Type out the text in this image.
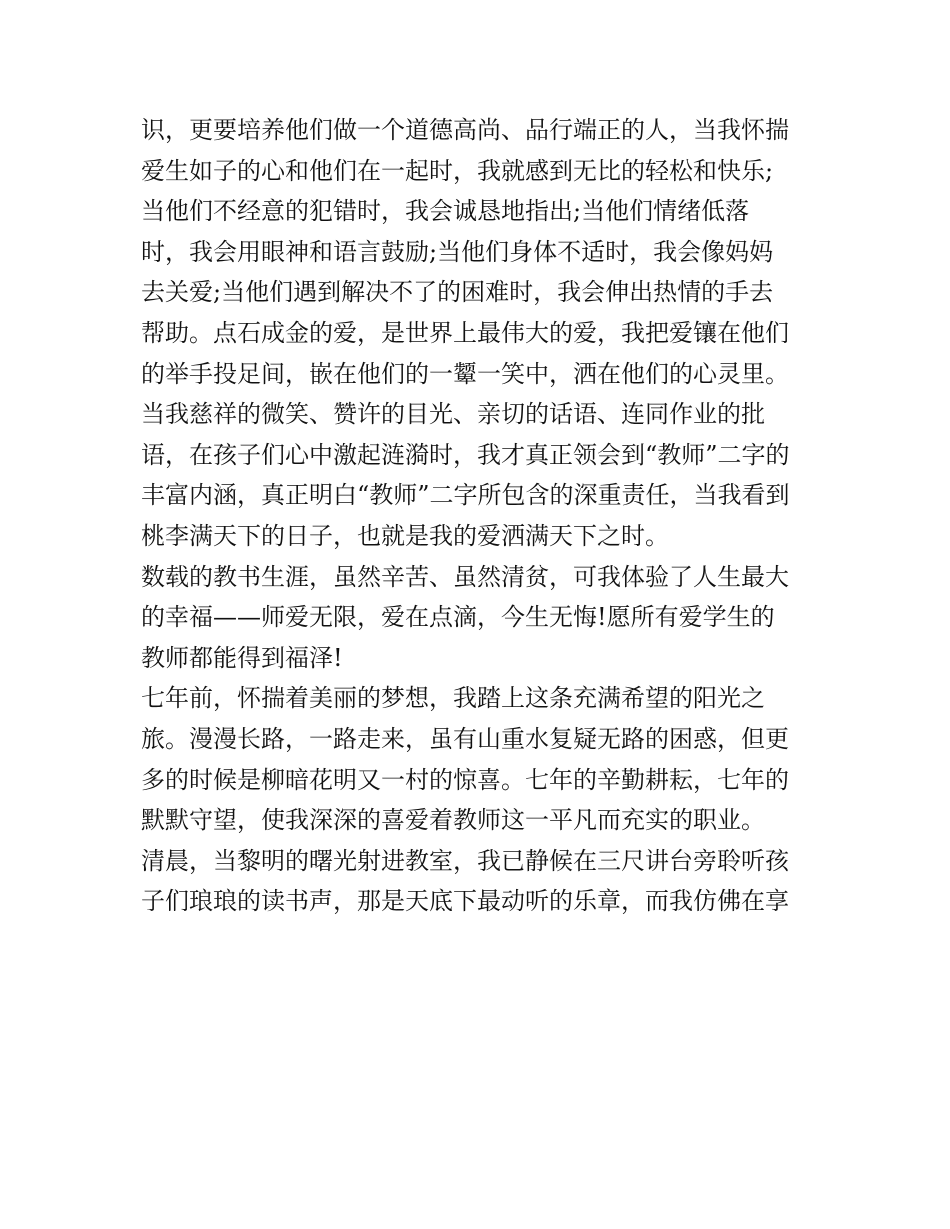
识，更要培养他们做一个道德高尚、品行端正的人，当我怀揣
爱生如子的心和他们在一起时，我就感到无比的轻松和快乐;
当他们不经意的犯错时，我会诚恳地指出;当他们情绪低落
时，我会用眼神和语言鼓励;当他们身体不适时，我会像妈妈
去关爱;当他们遇到解决不了的困难时，我会伸出热情的手去
帮助。点石成金的爱，是世界上最伟大的爱，我把爱镶在他们
的举手投足间，嵌在他们的一颦一笑中，洒在他们的心灵里。
当我慈祥的微笑、赞许的目光、亲切的话语、连同作业的批
语，在孩子们心中激起涟漪时，我才真正领会到“教师”二字的
丰富内涵，真正明白“教师”二字所包含的深重责任，当我看到
桃李满天下的日子，也就是我的爱洒满天下之时。
数载的教书生涯，虽然辛苦、虽然清贫，可我体验了人生最大
的幸福——师爱无限，爱在点滴，今生无悔!愿所有爱学生的
教师都能得到福泽!
七年前，怀揣着美丽的梦想，我踏上这条充满希望的阳光之
旅。漫漫长路，一路走来，虽有山重水复疑无路的困惑，但更
多的时候是柳暗花明又一村的惊喜。七年的辛勤耕耘，七年的
默默守望，使我深深的喜爱着教师这一平凡而充实的职业。
清晨，当黎明的曙光射进教室，我已静候在三尺讲台旁聆听孩
子们琅琅的读书声，那是天底下最动听的乐章，而我仿佛在享
